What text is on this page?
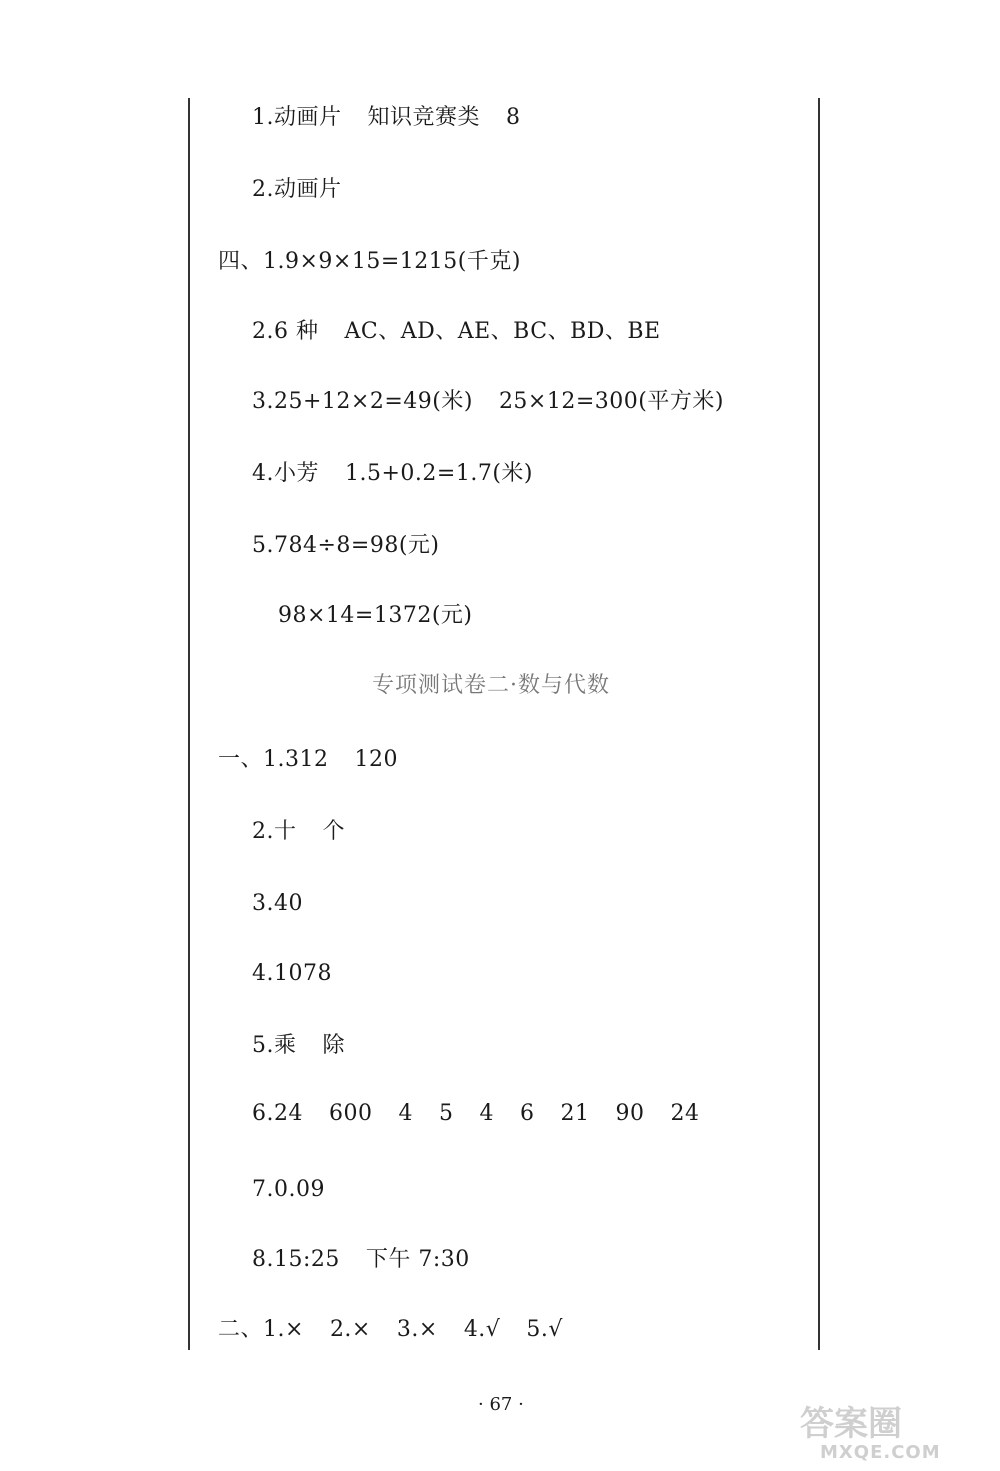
1.动画片 知识竞赛类 8
2.动画片
四、1.9×9×15=1215(千克)
2.6 种 AC、AD、AE、BC、BD、BE
3.25+12×2=49(米) 25×12=300(平方米)
4.小芳 1.5+0.2=1.7(米)
5.784÷8=98(元)
98×14=1372(元)
专项测试卷二·数与代数
一、1.312 120
2.十 个
3.40
4.1078
5.乘 除
6.24 600 4 5 4 6 21 90 24
7.0.09
8.15:25 下午 7:30
二、1.× 2.× 3.× 4.√ 5.√
· 67 ·	答案圈
MXQE.COM
